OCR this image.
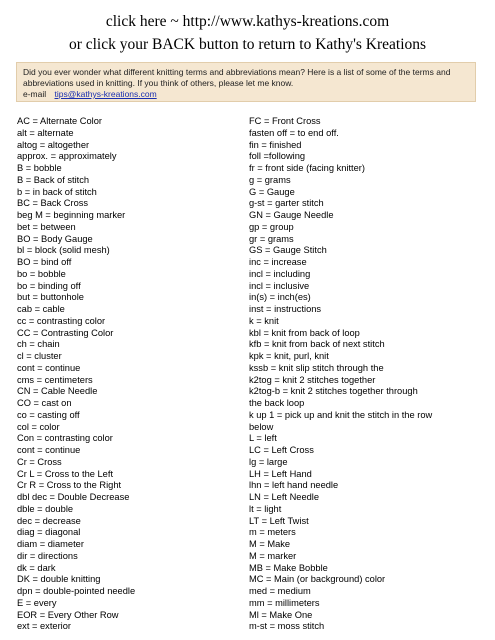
click here ~ http://www.kathys-kreations.com
or click your BACK button to return to Kathy's Kreations
Did you ever wonder what different knitting terms and abbreviations mean? Here is a list of some of the terms and abbreviations used in knitting. If you think of others, please let me know.
e-mail tips@kathys-kreations.com
AC = Alternate Color
alt = alternate
altog = altogether
approx. = approximately
B = bobble
B = Back of stitch
b = in back of stitch
BC = Back Cross
beg M = beginning marker
bet = between
BO = Body Gauge
bl = block (solid mesh)
BO = bind off
bo = bobble
bo = binding off
but = buttonhole
cab = cable
cc = contrasting color
CC = Contrasting Color
ch = chain
cl = cluster
cont = continue
cms = centimeters
CN = Cable Needle
CO = cast on
co = casting off
col = color
Con = contrasting color
cont = continue
Cr = Cross
Cr L = Cross to the Left
Cr R = Cross to the Right
dbl dec = Double Decrease
dble = double
dec = decrease
diag = diagonal
diam = diameter
dir = directions
dk = dark
DK = double knitting
dpn = double-pointed needle
E = every
EOR = Every Other Row
ext = exterior
FC = Front Cross
fasten off = to end off.
fin = finished
foll =following
fr = front side (facing knitter)
g = grams
G = Gauge
g-st = garter stitch
GN = Gauge Needle
gp = group
gr = grams
GS = Gauge Stitch
inc = increase
incl = including
incl = inclusive
in(s) = inch(es)
inst = instructions
k = knit
kbl = knit from back of loop
kfb = knit from back of next stitch
kpk = knit, purl, knit
kssb = knit slip stitch through the
k2tog = knit 2 stitches together
k2tog-b = knit 2 stitches together through
the back loop
k up 1 = pick up and knit the stitch in the row
below
L = left
LC = Left Cross
lg = large
LH = Left Hand
lhn = left hand needle
LN = Left Needle
lt = light
LT = Left Twist
m = meters
M = Make
M = marker
MB = Make Bobble
MC = Main (or background) color
med = medium
mm = millimeters
Ml = Make One
m-st = moss stitch
